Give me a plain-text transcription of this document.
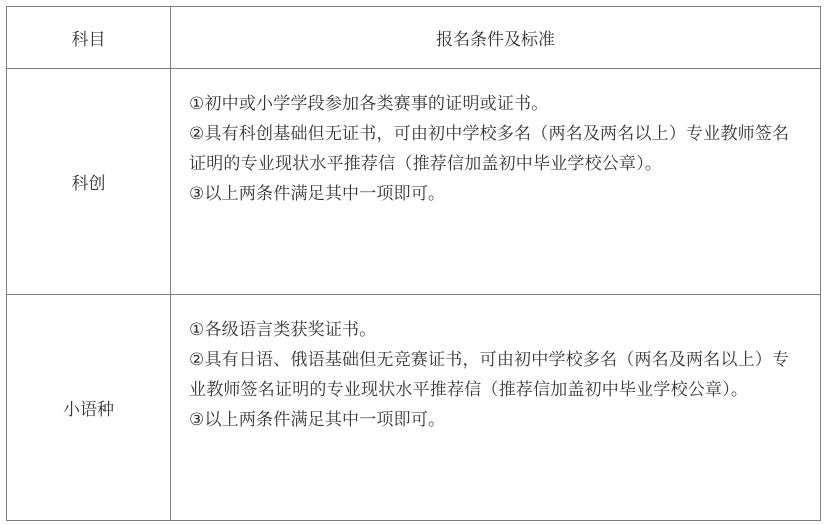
科目	报名条件及标准
科创	①初中或小学学段参加各类赛事的证明或证书。
②具有科创基础但无证书，可由初中学校多名（两名及两名以上）专业教师签名证明的专业现状水平推荐信（推荐信加盖初中毕业学校公章）。
③以上两条件满足其中一项即可。

小语种	①各级语言类获奖证书。
②具有日语、俄语基础但无竞赛证书，可由初中学校多名（两名及两名以上）专业教师签名证明的专业现状水平推荐信（推荐信加盖初中毕业学校公章）。
③以上两条件满足其中一项即可。
